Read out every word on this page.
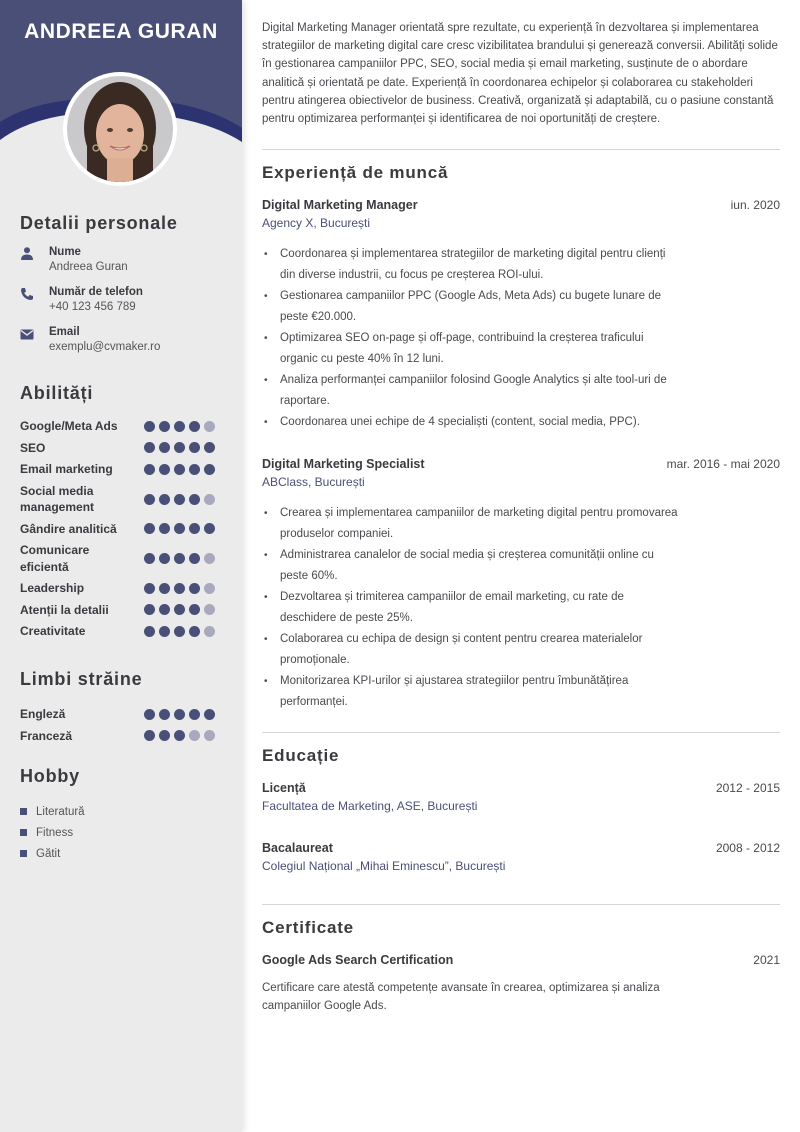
ANDREEA GURAN
Detalii personale
Nume
Andreea Guran
Număr de telefon
+40 123 456 789
Email
exemplu@cvmaker.ro
Abilități
Google/Meta Ads
SEO
Email marketing
Social media management
Gândire analitică
Comunicare eficientă
Leadership
Atenții la detalii
Creativitate
Limbi străine
Engleză
Franceză
Hobby
Literatură
Fitness
Gătit

Digital Marketing Manager orientată spre rezultate, cu experiență în dezvoltarea și implementarea strategiilor de marketing digital care cresc vizibilitatea brandului și generează conversii. Abilități solide în gestionarea campaniilor PPC, SEO, social media și email marketing, susținute de o abordare analitică și orientată pe date. Experiență în coordonarea echipelor și colaborarea cu stakeholderi pentru atingerea obiectivelor de business. Creativă, organizată și adaptabilă, cu o pasiune constantă pentru optimizarea performanței și identificarea de noi oportunități de creștere.

Experiență de muncă
Digital Marketing Manager	iun. 2020
Agency X, București
• Coordonarea și implementarea strategiilor de marketing digital pentru clienți din diverse industrii, cu focus pe creșterea ROI-ului.
• Gestionarea campaniilor PPC (Google Ads, Meta Ads) cu bugete lunare de peste €20.000.
• Optimizarea SEO on-page și off-page, contribuind la creșterea traficului organic cu peste 40% în 12 luni.
• Analiza performanței campaniilor folosind Google Analytics și alte tool-uri de raportare.
• Coordonarea unei echipe de 4 specialiști (content, social media, PPC).
Digital Marketing Specialist	mar. 2016 - mai 2020
ABClass, București
• Crearea și implementarea campaniilor de marketing digital pentru promovarea produselor companiei.
• Administrarea canalelor de social media și creșterea comunității online cu peste 60%.
• Dezvoltarea și trimiterea campaniilor de email marketing, cu rate de deschidere de peste 25%.
• Colaborarea cu echipa de design și content pentru crearea materialelor promoționale.
• Monitorizarea KPI-urilor și ajustarea strategiilor pentru îmbunătățirea performanței.
Educație
Licență	2012 - 2015
Facultatea de Marketing, ASE, București
Bacalaureat	2008 - 2012
Colegiul Național „Mihai Eminescu”, București
Certificate
Google Ads Search Certification	2021
Certificare care atestă competențe avansate în crearea, optimizarea și analiza campaniilor Google Ads.
